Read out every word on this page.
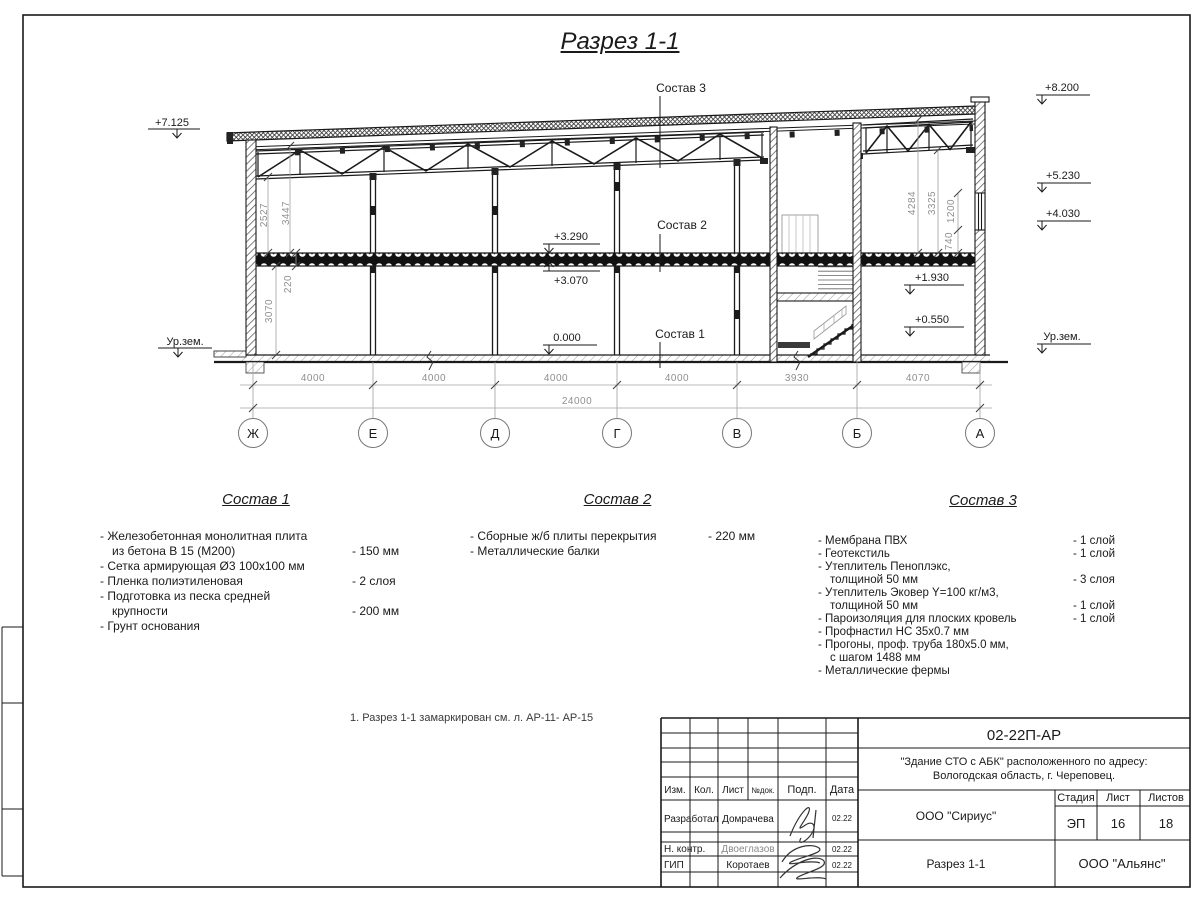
2527 3447
220
3070
4284 3325 1200
740
4000	4000	4000	4000	3930	4070
24000
Ж	Е	Д	Г	В	Б	А
+7.125
Ур.зем.
+8.200
+5.230
+4.030
Ур.зем.
+3.290
+3.070
0.000
+1.930
+0.550
Состав 3
Состав 2
Состав 1
02-22П-АР
"Здание СТО с АБК" расположенного по адресу:
Вологодская область, г. Череповец.
Изм. Кол. Лист №док. Подп. Дата
Разработал Домрачева	02.22
Н. контр. Двоеглазов	02.22
ГИП	Коротаев	02.22
ООО "Сириус"
Разрез 1-1	ООО "Альянс"
Стадия Лист Листов
ЭП 16	18
Разрез 1-1
Состав 1
- Железобетонная монолитная плита
из бетона В 15 (М200)	- 150 мм
- Сетка армирующая Ø3 100х100 мм
- Пленка полиэтиленовая	- 2 слоя
- Подготовка из песка средней
крупности	- 200 мм
- Грунт основания
Состав 2
- Сборные ж/б плиты перекрытия	- 220 мм
- Металлические балки
Состав 3
- Мембрана ПВХ	- 1 слой
- Геотекстиль	- 1 слой
- Утеплитель Пеноплэкс,
толщиной 50 мм	- 3 слоя
- Утеплитель Эковер Y=100 кг/м3,
толщиной 50 мм	- 1 слой
- Пароизоляция для плоских кровель	- 1 слой
- Профнастил НС 35х0.7 мм
- Прогоны, проф. труба 180х5.0 мм,
с шагом 1488 мм
- Металлические фермы
1. Разрез 1-1 замаркирован см. л. АР-11- АР-15
